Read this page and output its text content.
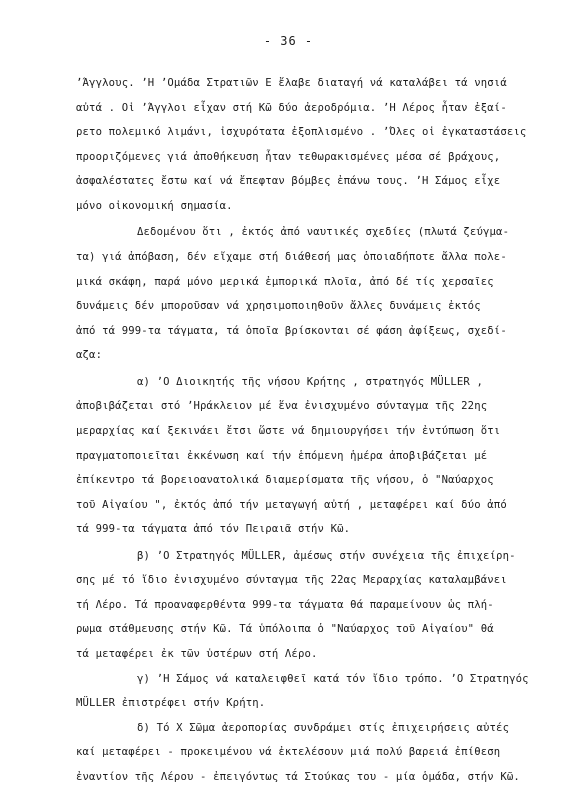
- 36 -
ʼΆγγλους. ʼΗ ʼΟμάδα Στρατιῶν Ε ἔλαβε διαταγή νά καταλάβει τά νησιά
αὐτά . Οἱ ʼΆγγλοι εἶχαν στή Κῶ δύο ἀεροδρόμια. ʼΗ Λέρος ἦταν ἐξαί-
ρετο πολεμικό λιμάνι, ἰσχυρότατα ἐξοπλισμένο . ʼΌλες οἱ ἐγκαταστάσεις
προοριζόμενες γιά ἀποθήκευση ἦταν τεθωρακισμένες μέσα σέ βράχους,
ἀσφαλέστατες ἔστω καί νά ἔπεφταν βόμβες ἐπάνω τους. ʼΗ Σάμος εἶχε
μόνο οἰκονομική σημασία.
Δεδομένου ὅτι , ἐκτός ἀπό ναυτικές σχεδίες (πλωτά ζεύγμα-
τα) γιά ἀπόβαση, δέν εἴχαμε στή διάθεσή μας ὁποιαδήποτε ἄλλα πολε-
μικά σκάφη, παρά μόνο μερικά ἐμπορικά πλοῖα, ἀπό δέ τίς χερσαῖες
δυνάμεις δέν μποροῦσαν νά χρησιμοποιηθοῦν ἄλλες δυνάμεις ἐκτός
ἀπό τά 999-τα τάγματα, τά ὁποῖα βρίσκονται σέ φάση ἀφίξεως, σχεδί-
αζα:
α) ʼΟ Διοικητής τῆς νήσου Κρήτης , στρατηγός MÜLLER ,
ἀποβιβάζεται στό ʼΗράκλειον μέ ἕνα ἐνισχυμένο σύνταγμα τῆς 22ης
μεραρχίας καί ξεκινάει ἔτσι ὥστε νά δημιουργήσει τήν ἐντύπωση ὅτι
πραγματοποιεῖται ἐκκένωση καί τήν ἑπόμενη ἡμέρα ἀποβιβάζεται μέ
ἐπίκεντρο τά βορειοανατολικά διαμερίσματα τῆς νήσου, ὁ "Ναύαρχος
τοῦ Αἰγαίου ", ἐκτός ἀπό τήν μεταγωγή αὐτή , μεταφέρει καί δύο ἀπό
τά 999-τα τάγματα ἀπό τόν Πειραιᾶ στήν Κῶ.
β) ʼΟ Στρατηγός MÜLLER, ἀμέσως στήν συνέχεια τῆς ἐπιχείρη-
σης μέ τό ἴδιο ἐνισχυμένο σύνταγμα τῆς 22ας Μεραρχίας καταλαμβάνει
τή Λέρο. Τά προαναφερθέντα 999-τα τάγματα θά παραμείνουν ὡς πλή-
ρωμα στάθμευσης στήν Κῶ. Τά ὑπόλοιπα ὁ "Ναύαρχος τοῦ Αἰγαίου" θά
τά μεταφέρει ἐκ τῶν ὑστέρων στή Λέρο.
γ) ʼΗ Σάμος νά καταλειφθεῖ κατά τόν ἴδιο τρόπο. ʼΟ Στρατηγός
MÜLLER ἐπιστρέφει στήν Κρήτη.
δ) Τό Χ Σῶμα ἀεροπορίας συνδράμει στίς ἐπιχειρήσεις αὐτές
καί μεταφέρει - προκειμένου νά ἐκτελέσουν μιά πολύ βαρειά ἐπίθεση
ἐναντίον τῆς Λέρου - ἐπειγόντως τά Στούκας του - μία ὁμάδα, στήν Κῶ.
